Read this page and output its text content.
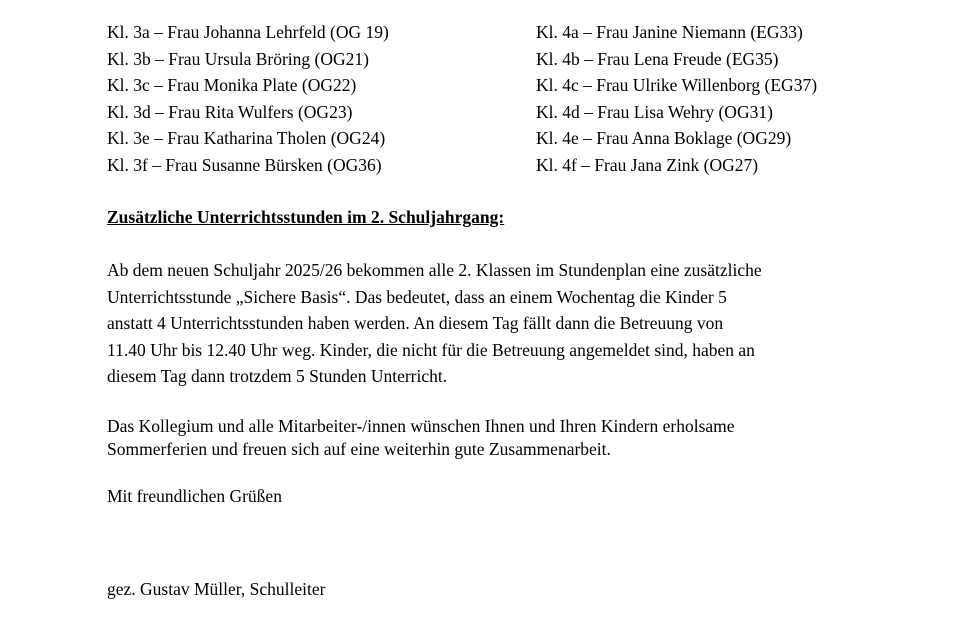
Kl. 3a – Frau Johanna Lehrfeld (OG 19)
Kl. 3b – Frau Ursula Bröring (OG21)
Kl. 3c – Frau Monika Plate (OG22)
Kl. 3d – Frau Rita Wulfers (OG23)
Kl. 3e – Frau Katharina Tholen (OG24)
Kl. 3f – Frau Susanne Bürsken (OG36)
Kl. 4a – Frau Janine Niemann (EG33)
Kl. 4b – Frau Lena Freude (EG35)
Kl. 4c – Frau Ulrike Willenborg (EG37)
Kl. 4d – Frau Lisa Wehry (OG31)
Kl. 4e – Frau Anna Boklage (OG29)
Kl. 4f – Frau Jana Zink (OG27)
Zusätzliche Unterrichtsstunden im 2. Schuljahrgang:

Ab dem neuen Schuljahr 2025/26 bekommen alle 2. Klassen im Stundenplan eine zusätzliche
Unterrichtsstunde „Sichere Basis“. Das bedeutet, dass an einem Wochentag die Kinder 5
anstatt 4 Unterrichtsstunden haben werden. An diesem Tag fällt dann die Betreuung von
11.40 Uhr bis 12.40 Uhr weg. Kinder, die nicht für die Betreuung angemeldet sind, haben an
diesem Tag dann trotzdem 5 Stunden Unterricht.

Das Kollegium und alle Mitarbeiter-/innen wünschen Ihnen und Ihren Kindern erholsame
Sommerferien und freuen sich auf eine weiterhin gute Zusammenarbeit.

Mit freundlichen Grüßen
gez. Gustav Müller, Schulleiter
